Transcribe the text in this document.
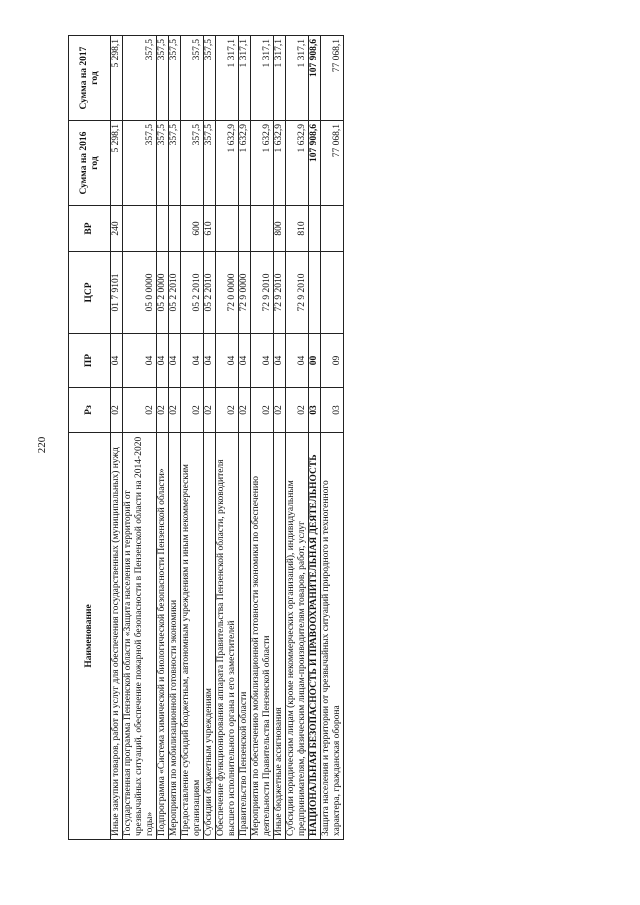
220
Наименование	Рз	ПР	ЦСР	ВР	Сумма на 2016 год	Сумма на 2017 год
Иные закупки товаров, работ и услуг для обеспечения государственных (муниципальных) нужд	02	04	01 7 9101	240	5 298,1	5 298,1
Государственная программа Пензенской области «Защита населения и территорий от чрезвычайных ситуаций, обеспечение пожарной безопасности в Пензенской области на 2014-2020 годы»	02	04	05 0 0000		357,5	357,5
Подпрограмма «Система химической и биологической безопасности Пензенской области»	02	04	05 2 0000		357,5	357,5
Мероприятия по мобилизационной готовности экономики	02	04	05 2 2010		357,5	357,5
Предоставление субсидий бюджетным, автономным учреждениям и иным некоммерческим организациям	02	04	05 2 2010	600	357,5	357,5
Субсидии бюджетным учреждениям	02	04	05 2 2010	610	357,5	357,5
Обеспечение функционирования аппарата Правительства Пензенской области, руководителя высшего исполнительного органа и его заместителей	02	04	72 0 0000		1 632,9	1 317,1
Правительство Пензенской области	02	04	72 9 0000		1 632,9	1 317,1
Мероприятия по обеспечению мобилизационной готовности экономики по обеспечению деятельности Правительства Пензенской области	02	04	72 9 2010		1 632,9	1 317,1
Иные бюджетные ассигнования	02	04	72 9 2010	800	1 632,9	1 317,1
Субсидии юридическим лицам (кроме некоммерческих организаций), индивидуальным предпринимателям, физическим лицам-производителям товаров, работ, услуг	02	04	72 9 2010	810	1 632,9	1 317,1
НАЦИОНАЛЬНАЯ БЕЗОПАСНОСТЬ И ПРАВООХРАНИТЕЛЬНАЯ ДЕЯТЕЛЬНОСТЬ	03	00			107 908,6	107 908,6
Защита населения и территории от чрезвычайных ситуаций природного и техногенного характера, гражданская оборона	03	09			77 068,1	77 068,1
